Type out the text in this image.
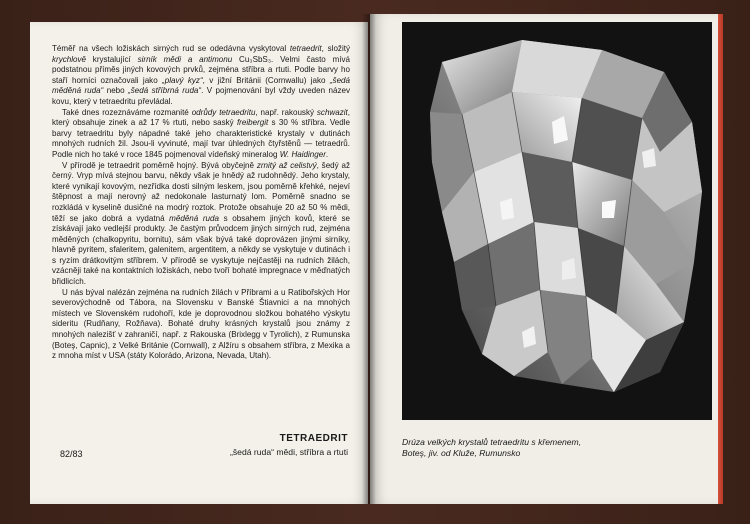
Téměř na všech ložiskách sirných rud se odedávna vyskytoval tetraedrit, složitý krychlově krystalující sirník mědi a antimonu Cu₃SbS₃. Velmi často mívá podstatnou příměs jiných kovových prvků, zejména stříbra a rtuti. Podle barvy ho staří horníci označovali jako „plavý kyz“, v jižní Británii (Cornwallu) jako „šedá měděná ruda“ nebo „šedá stříbrná ruda“. V pojmenování byl vždy uveden název kovu, který v tetraedritu převládal.

Také dnes rozeznáváme rozmanité odrůdy tetraedritu, např. rakouský schwazit, který obsahuje zinek a až 17 % rtuti, nebo saský freibergit s 30 % stříbra. Vedle barvy tetraedritu byly nápadné také jeho charakteristické krystaly v dutinách mnohých rudních žil. Jsou-li vyvinuté, mají tvar úhledných čtyřstěnů — tetraedrů. Podle nich ho také v roce 1845 pojmenoval vídeňský mineralog W. Haidinger.

V přírodě je tetraedrit poměrně hojný. Bývá obyčejně zrnitý až celistvý, šedý až černý. Vryp mívá stejnou barvu, někdy však je hnědý až rudohnědý. Jeho krystaly, které vynikají kovovým, nezřídka dosti silným leskem, jsou poměrně křehké, nejeví štěpnost a mají nerovný až nedokonale lasturnatý lom. Poměrně snadno se rozkládá v kyselině dusičné na modrý roztok. Protože obsahuje 20 až 50 % mědi, těží se jako dobrá a vydatná měděná ruda s obsahem jiných kovů, které se získávají jako vedlejší produkty. Je častým průvodcem jiných sirných rud, zejména měděných (chalkopyritu, bornitu), sám však bývá také doprovázen jinými sirníky, hlavně pyritem, sfaleritem, galenitem, argentitem, a někdy se vyskytuje v dutinách i s ryzím drátkovitým stříbrem. V přírodě se vyskytuje nejčastěji na rudních žilách, vzácněji také na kontaktních ložiskách, nebo tvoří bohaté impregnace v měďnatých břidlicích.

U nás býval nalézán zejména na rudních žilách v Příbrami a u Ratibořských Hor severovýchodně od Tábora, na Slovensku v Banské Štiavnici a na mnohých místech ve Slovenském rudohoří, kde je doprovodnou složkou bohatého výskytu sideritu (Rudňany, Rožňava). Bohaté druhy krásných krystalů jsou známy z mnohých nalezišť v zahraničí, např. z Rakouska (Brixlegg v Tyrolich), z Rumunska (Boteş, Capnic), z Velké Británie (Cornwall), z Alžíru s obsahem stříbra, z Mexika a z mnoha míst v USA (státy Kolorádo, Arizona, Nevada, Utah).

82/83
TETRAEDRIT
„šedá ruda“ mědi, stříbra a rtuti
Drúza velkých krystalů tetraedritu s křemenem,
Boteş, jiv. od Kluže, Rumunsko
